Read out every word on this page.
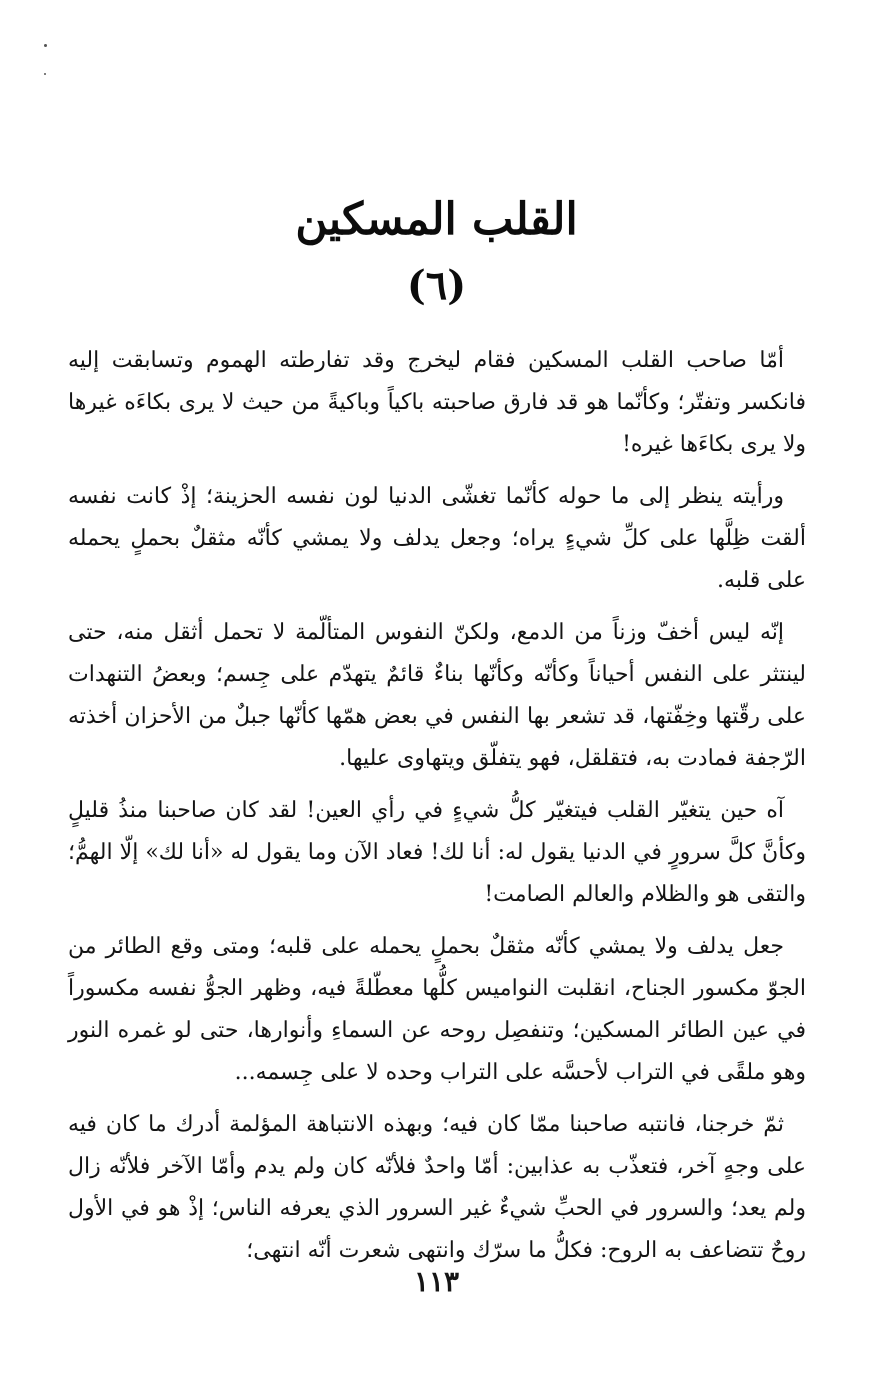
القلب المسكين
(٦)

أمّا صاحب القلب المسكين فقام ليخرج وقد تفارطته الهموم وتسابقت إليه فانكسر وتفتّر؛ وكأنّما هو قد فارق صاحبته باكياً وباكيةً من حيث لا يرى بكاءَه غيرها ولا يرى بكاءَها غيره!

ورأيته ينظر إلى ما حوله كأنّما تغشّى الدنيا لون نفسه الحزينة؛ إذْ كانت نفسه ألقت ظِلَّها على كلِّ شيءٍ يراه؛ وجعل يدلف ولا يمشي كأنّه مثقلٌ بحملٍ يحمله على قلبه.

إنّه ليس أخفّ وزناً من الدمع، ولكنّ النفوس المتألّمة لا تحمل أثقل منه، حتى لينتثر على النفس أحياناً وكأنّه وكأنّها بناءٌ قائمٌ يتهدّم على جِسم؛ وبعضُ التنهدات على رقّتها وخِفّتها، قد تشعر بها النفس في بعض همّها كأنّها جبلٌ من الأحزان أخذته الرّجفة فمادت به، فتقلقل، فهو يتفلّق ويتهاوى عليها.

آه حين يتغيّر القلب فيتغيّر كلُّ شيءٍ في رأي العين! لقد كان صاحبنا منذُ قليلٍ وكأنَّ كلَّ سرورٍ في الدنيا يقول له: أنا لك! فعاد الآن وما يقول له «أنا لك» إلّا الهمُّ؛ والتقى هو والظلام والعالم الصامت!

جعل يدلف ولا يمشي كأنّه مثقلٌ بحملٍ يحمله على قلبه؛ ومتى وقع الطائر من الجوّ مكسور الجناح، انقلبت النواميس كلُّها معطّلةً فيه، وظهر الجوُّ نفسه مكسوراً في عين الطائر المسكين؛ وتنفصِل روحه عن السماءِ وأنوارها، حتى لو غمره النور وهو ملقًى في التراب لأحسَّه على التراب وحده لا على جِسمه...

ثمّ خرجنا، فانتبه صاحبنا ممّا كان فيه؛ وبهذه الانتباهة المؤلمة أدرك ما كان فيه على وجهٍ آخر، فتعذّب به عذابين: أمّا واحدٌ فلأنّه كان ولم يدم وأمّا الآخر فلأنّه زال ولم يعد؛ والسرور في الحبِّ شيءٌ غير السرور الذي يعرفه الناس؛ إذْ هو في الأول روحٌ تتضاعف به الروح: فكلُّ ما سرّك وانتهى شعرت أنّه انتهى؛

١١٣
